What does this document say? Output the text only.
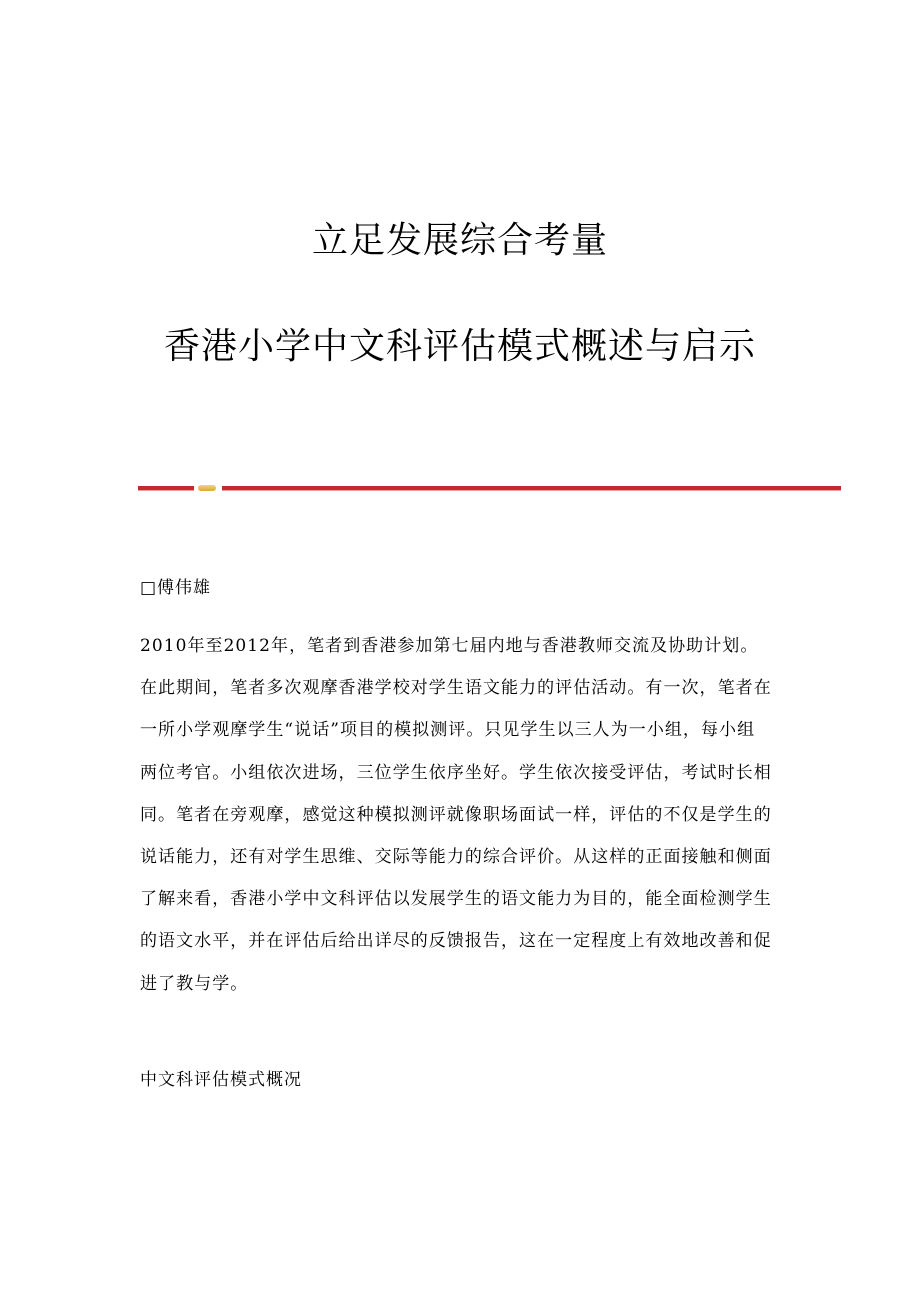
立足发展综合考量
香港小学中文科评估模式概述与启示
□傅伟雄

2010年至2012年，笔者到香港参加第七届内地与香港教师交流及协助计划。在此期间，笔者多次观摩香港学校对学生语文能力的评估活动。有一次，笔者在一所小学观摩学生“说话”项目的模拟测评。只见学生以三人为一小组，每小组两位考官。小组依次进场，三位学生依序坐好。学生依次接受评估，考试时长相同。笔者在旁观摩，感觉这种模拟测评就像职场面试一样，评估的不仅是学生的说话能力，还有对学生思维、交际等能力的综合评价。从这样的正面接触和侧面了解来看，香港小学中文科评估以发展学生的语文能力为目的，能全面检测学生的语文水平，并在评估后给出详尽的反馈报告，这在一定程度上有效地改善和促进了教与学。

中文科评估模式概况
